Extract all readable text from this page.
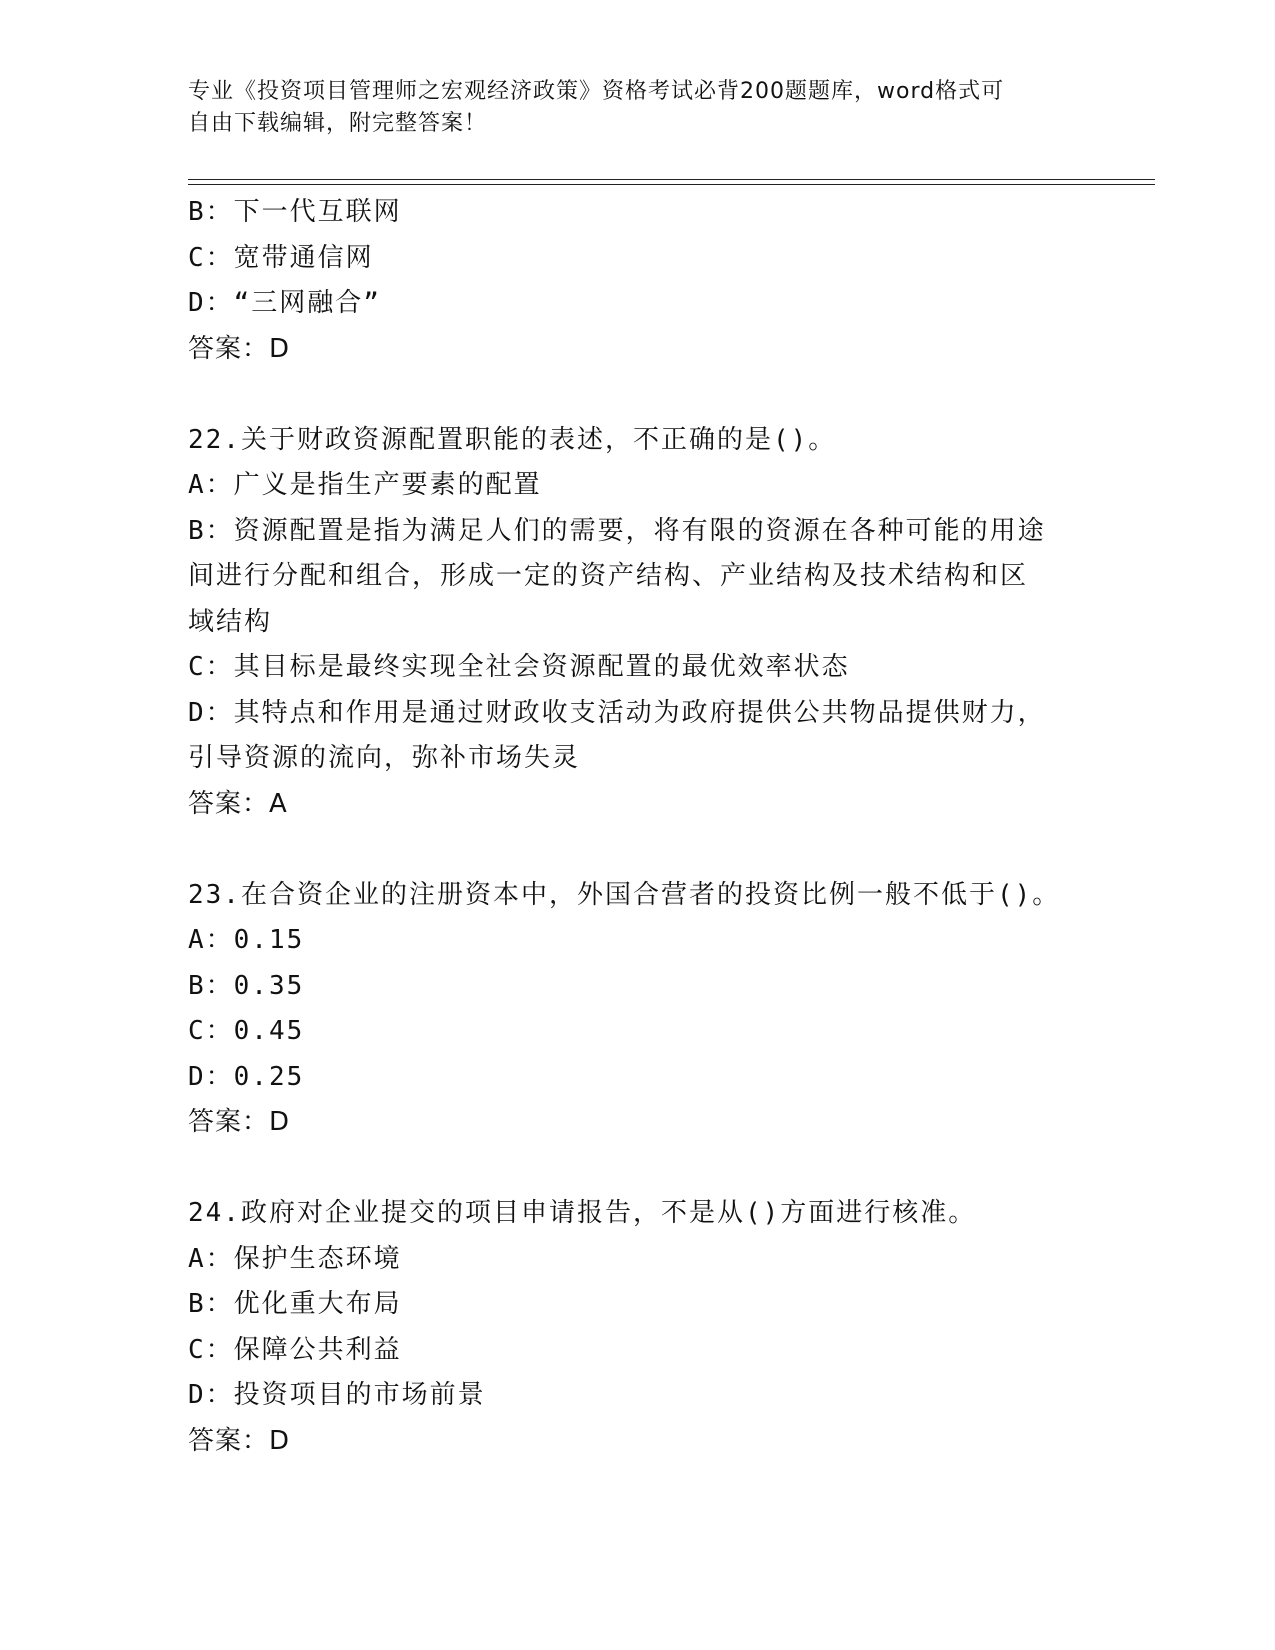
专业《投资项目管理师之宏观经济政策》资格考试必背200题题库，word格式可
自由下载编辑，附完整答案！
B：下一代互联网
C：宽带通信网
D：“三网融合”
答案：D
22.关于财政资源配置职能的表述，不正确的是()。
A：广义是指生产要素的配置
B：资源配置是指为满足人们的需要，将有限的资源在各种可能的用途
间进行分配和组合，形成一定的资产结构、产业结构及技术结构和区
域结构
C：其目标是最终实现全社会资源配置的最优效率状态
D：其特点和作用是通过财政收支活动为政府提供公共物品提供财力，
引导资源的流向，弥补市场失灵
答案：A
23.在合资企业的注册资本中，外国合营者的投资比例一般不低于()。
A：0.15
B：0.35
C：0.45
D：0.25
答案：D
24.政府对企业提交的项目申请报告，不是从()方面进行核准。
A：保护生态环境
B：优化重大布局
C：保障公共利益
D：投资项目的市场前景
答案：D
